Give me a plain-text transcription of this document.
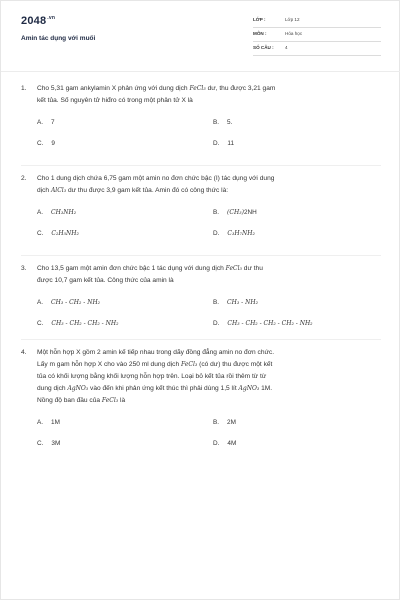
$2048^{.vn}$
Amin tác dụng với muối
LỚP :	Lớp 12
MÔN :	Hóa học
SỐ CÂU : 4
1. Cho 5,31 gam ankylamin X phản ứng với dung dịch FeCl₃ dư, thu được 3,21 gam
kết tủa. Số nguyên tử hiđro có trong một phân tử X là
A. 7	B. 5.
C. 9	D. 11
2. Cho 1 dung dịch chứa 6,75 gam một amin no đơn chức bậc (I) tác dụng với dung
dịch AlCl₃ dư thu được 3,9 gam kết tủa. Amin đó có công thức là:
A. CH₃NH₂	B. (CH₃)2NH
C. C₂H₅NH₂	D. C₃H₇NH₂
3. Cho 13,5 gam một amin đơn chức bậc 1 tác dụng với dung dịch FeCl₃ dư thu
được 10,7 gam kết tủa. Công thức của amin là
A. CH₃ - CH₂ - NH₂	B. CH₃ - NH₂
C. CH₃ - CH₂ - CH₂ - NH₂	D. CH₃ - CH₂ - CH₂ - CH₂ - NH₂
4. Một hỗn hợp X gồm 2 amin kế tiếp nhau trong dãy đồng đẳng amin no đơn chức.
Lấy m gam hỗn hợp X cho vào 250 ml dung dịch FeCl₃ (có dư) thu được một kết
tủa có khối lượng bằng khối lượng hỗn hợp trên. Loại bỏ kết tủa rồi thêm từ từ
dung dịch AgNO₃ vào đến khi phản ứng kết thúc thì phải dùng 1,5 lít AgNO₃ 1M.
Nồng độ ban đầu của FeCl₃ là
A. 1M	B. 2M
C. 3M	D. 4M
